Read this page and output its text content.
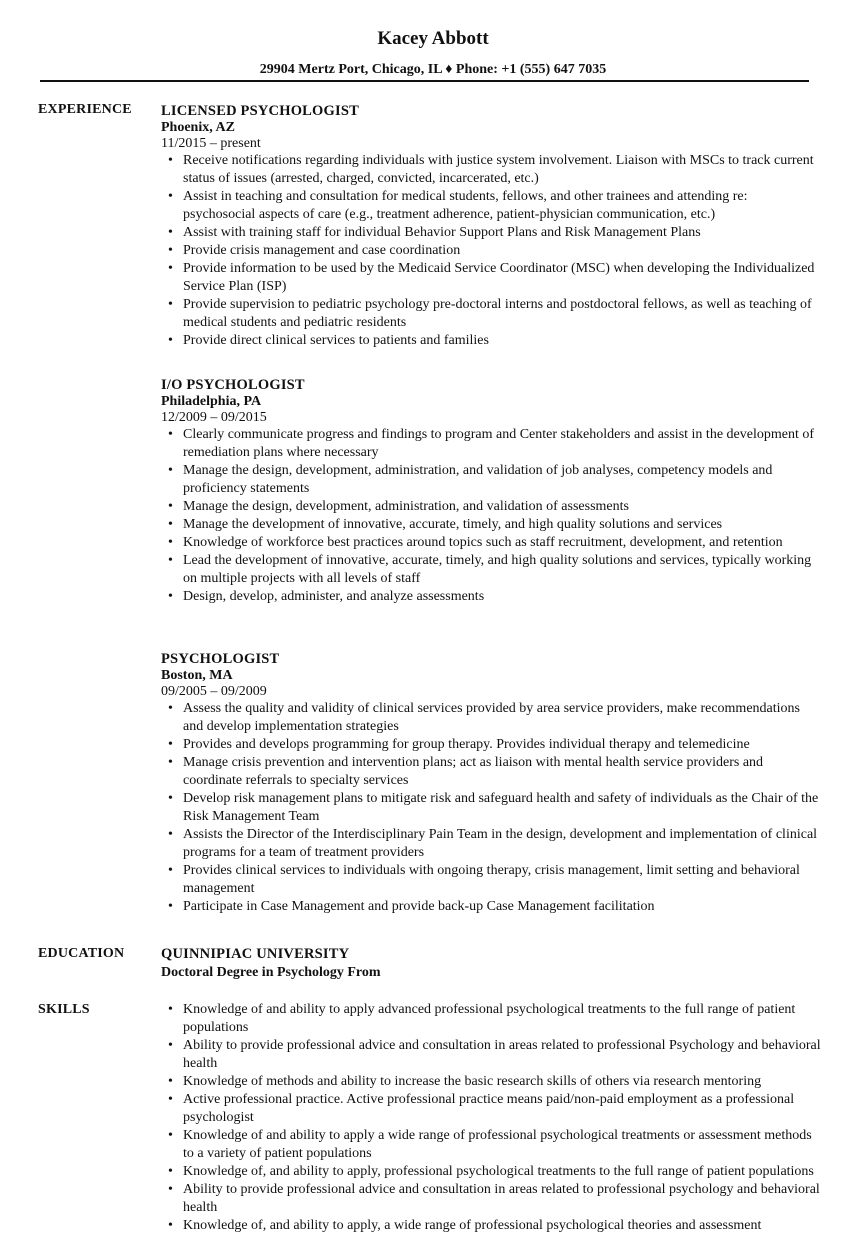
Kacey Abbott
29904 Mertz Port, Chicago, IL ♦ Phone: +1 (555) 647 7035
EXPERIENCE LICENSED PSYCHOLOGIST
Phoenix, AZ
11/2015 – present
• Receive notifications regarding individuals with justice system involvement. Liaison with MSCs to track current status of issues (arrested, charged, convicted, incarcerated, etc.)
• Assist in teaching and consultation for medical students, fellows, and other trainees and attending re: psychosocial aspects of care (e.g., treatment adherence, patient-physician communication, etc.)
• Assist with training staff for individual Behavior Support Plans and Risk Management Plans
• Provide crisis management and case coordination
• Provide information to be used by the Medicaid Service Coordinator (MSC) when developing the Individualized Service Plan (ISP)
• Provide supervision to pediatric psychology pre-doctoral interns and postdoctoral fellows, as well as teaching of medical students and pediatric residents
• Provide direct clinical services to patients and families
I/O PSYCHOLOGIST
Philadelphia, PA
12/2009 – 09/2015
• Clearly communicate progress and findings to program and Center stakeholders and assist in the development of remediation plans where necessary
• Manage the design, development, administration, and validation of job analyses, competency models and proficiency statements
• Manage the design, development, administration, and validation of assessments
• Manage the development of innovative, accurate, timely, and high quality solutions and services
• Knowledge of workforce best practices around topics such as staff recruitment, development, and retention
• Lead the development of innovative, accurate, timely, and high quality solutions and services, typically working on multiple projects with all levels of staff
• Design, develop, administer, and analyze assessments
PSYCHOLOGIST
Boston, MA
09/2005 – 09/2009
• Assess the quality and validity of clinical services provided by area service providers, make recommendations and develop implementation strategies
• Provides and develops programming for group therapy. Provides individual therapy and telemedicine
• Manage crisis prevention and intervention plans; act as liaison with mental health service providers and coordinate referrals to specialty services
• Develop risk management plans to mitigate risk and safeguard health and safety of individuals as the Chair of the Risk Management Team
• Assists the Director of the Interdisciplinary Pain Team in the design, development and implementation of clinical programs for a team of treatment providers
• Provides clinical services to individuals with ongoing therapy, crisis management, limit setting and behavioral management
• Participate in Case Management and provide back-up Case Management facilitation
EDUCATION	QUINNIPIAC UNIVERSITY
Doctoral Degree in Psychology From
SKILLS
•	Knowledge of and ability to apply advanced professional psychological treatments to the full range of patient populations
• Ability to provide professional advice and consultation in areas related to professional Psychology and behavioral health
• Knowledge of methods and ability to increase the basic research skills of others via research mentoring
• Active professional practice. Active professional practice means paid/non-paid employment as a professional psychologist
• Knowledge of and ability to apply a wide range of professional psychological treatments or assessment methods to a variety of patient populations
• Knowledge of, and ability to apply, professional psychological treatments to the full range of patient populations
• Ability to provide professional advice and consultation in areas related to professional psychology and behavioral health
• Knowledge of, and ability to apply, a wide range of professional psychological theories and assessment
